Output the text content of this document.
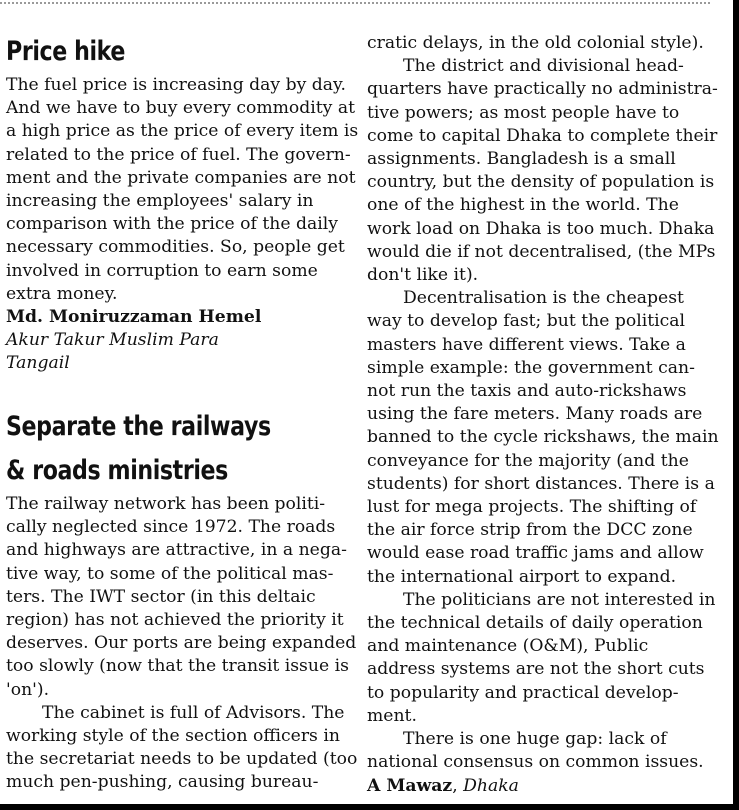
Price hike

The fuel price is increasing day by day.

And we have to buy every commodity at

a high price as the price of every item is

related to the price of fuel. The govern-

ment and the private companies are not

increasing the employees' salary in

comparison with the price of the daily

necessary commodities. So, people get

involved in corruption to earn some

extra money.

Md. Moniruzzaman Hemel

Akur Takur Muslim Para

Tangail

Separate the railways
& roads ministries

The railway network has been politi-

cally neglected since 1972. The roads

and highways are attractive, in a nega-

tive way, to some of the political mas-

ters. The IWT sector (in this deltaic

region) has not achieved the priority it

deserves. Our ports are being expanded

too slowly (now that the transit issue is

'on').

The cabinet is full of Advisors. The

working style of the section officers in

the secretariat needs to be updated (too

much pen-pushing, causing bureau-

cratic delays, in the old colonial style).

The district and divisional head-

quarters have practically no administra-

tive powers; as most people have to

come to capital Dhaka to complete their

assignments. Bangladesh is a small

country, but the density of population is

one of the highest in the world. The

work load on Dhaka is too much. Dhaka

would die if not decentralised, (the MPs

don't like it).

Decentralisation is the cheapest

way to develop fast; but the political

masters have different views. Take a

simple example: the government can-

not run the taxis and auto-rickshaws

using the fare meters. Many roads are

banned to the cycle rickshaws, the main

conveyance for the majority (and the

students) for short distances. There is a

lust for mega projects. The shifting of

the air force strip from the DCC zone

would ease road traffic jams and allow

the international airport to expand.

The politicians are not interested in

the technical details of daily operation

and maintenance (O&M), Public

address systems are not the short cuts

to popularity and practical develop-

ment.

There is one huge gap: lack of

national consensus on common issues.

A Mawaz, Dhaka
